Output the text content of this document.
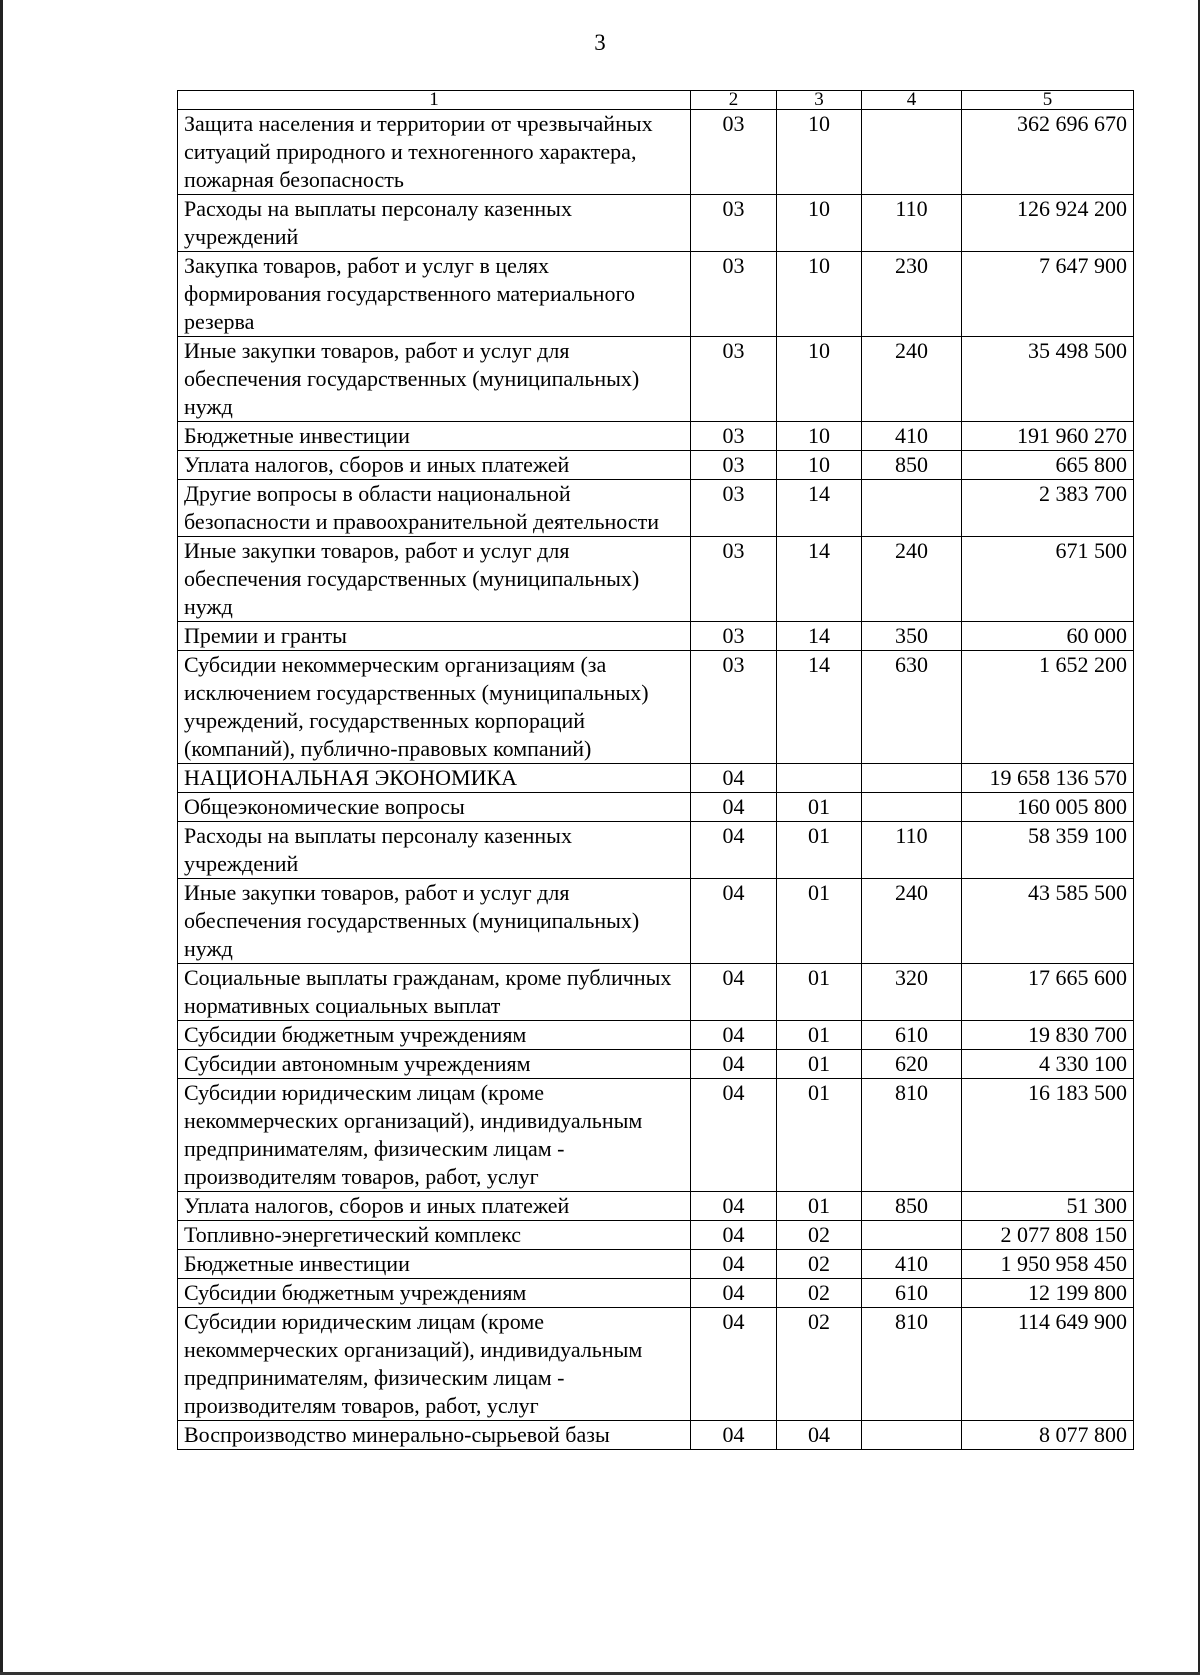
3
1	2	3	4	5
Защита населения и территории от чрезвычайных ситуаций природного и техногенного характера, пожарная безопасность	03	10		362 696 670
Расходы на выплаты персоналу казенных учреждений	03	10	110	126 924 200
Закупка товаров, работ и услуг в целях формирования государственного материального резерва	03	10	230	7 647 900
Иные закупки товаров, работ и услуг для обеспечения государственных (муниципальных) нужд	03	10	240	35 498 500
Бюджетные инвестиции	03	10	410	191 960 270
Уплата налогов, сборов и иных платежей	03	10	850	665 800
Другие вопросы в области национальной безопасности и правоохранительной деятельности	03	14		2 383 700
Иные закупки товаров, работ и услуг для обеспечения государственных (муниципальных) нужд	03	14	240	671 500
Премии и гранты	03	14	350	60 000
Субсидии некоммерческим организациям (за исключением государственных (муниципальных) учреждений, государственных корпораций (компаний), публично-правовых компаний)	03	14	630	1 652 200
НАЦИОНАЛЬНАЯ ЭКОНОМИКА	04			19 658 136 570
Общеэкономические вопросы	04	01		160 005 800
Расходы на выплаты персоналу казенных учреждений	04	01	110	58 359 100
Иные закупки товаров, работ и услуг для обеспечения государственных (муниципальных) нужд	04	01	240	43 585 500
Социальные выплаты гражданам, кроме публичных нормативных социальных выплат	04	01	320	17 665 600
Субсидии бюджетным учреждениям	04	01	610	19 830 700
Субсидии автономным учреждениям	04	01	620	4 330 100
Субсидии юридическим лицам (кроме некоммерческих организаций), индивидуальным предпринимателям, физическим лицам - производителям товаров, работ, услуг	04	01	810	16 183 500
Уплата налогов, сборов и иных платежей	04	01	850	51 300
Топливно-энергетический комплекс	04	02		2 077 808 150
Бюджетные инвестиции	04	02	410	1 950 958 450
Субсидии бюджетным учреждениям	04	02	610	12 199 800
Субсидии юридическим лицам (кроме некоммерческих организаций), индивидуальным предпринимателям, физическим лицам - производителям товаров, работ, услуг	04	02	810	114 649 900
Воспроизводство минерально-сырьевой базы	04	04		8 077 800
